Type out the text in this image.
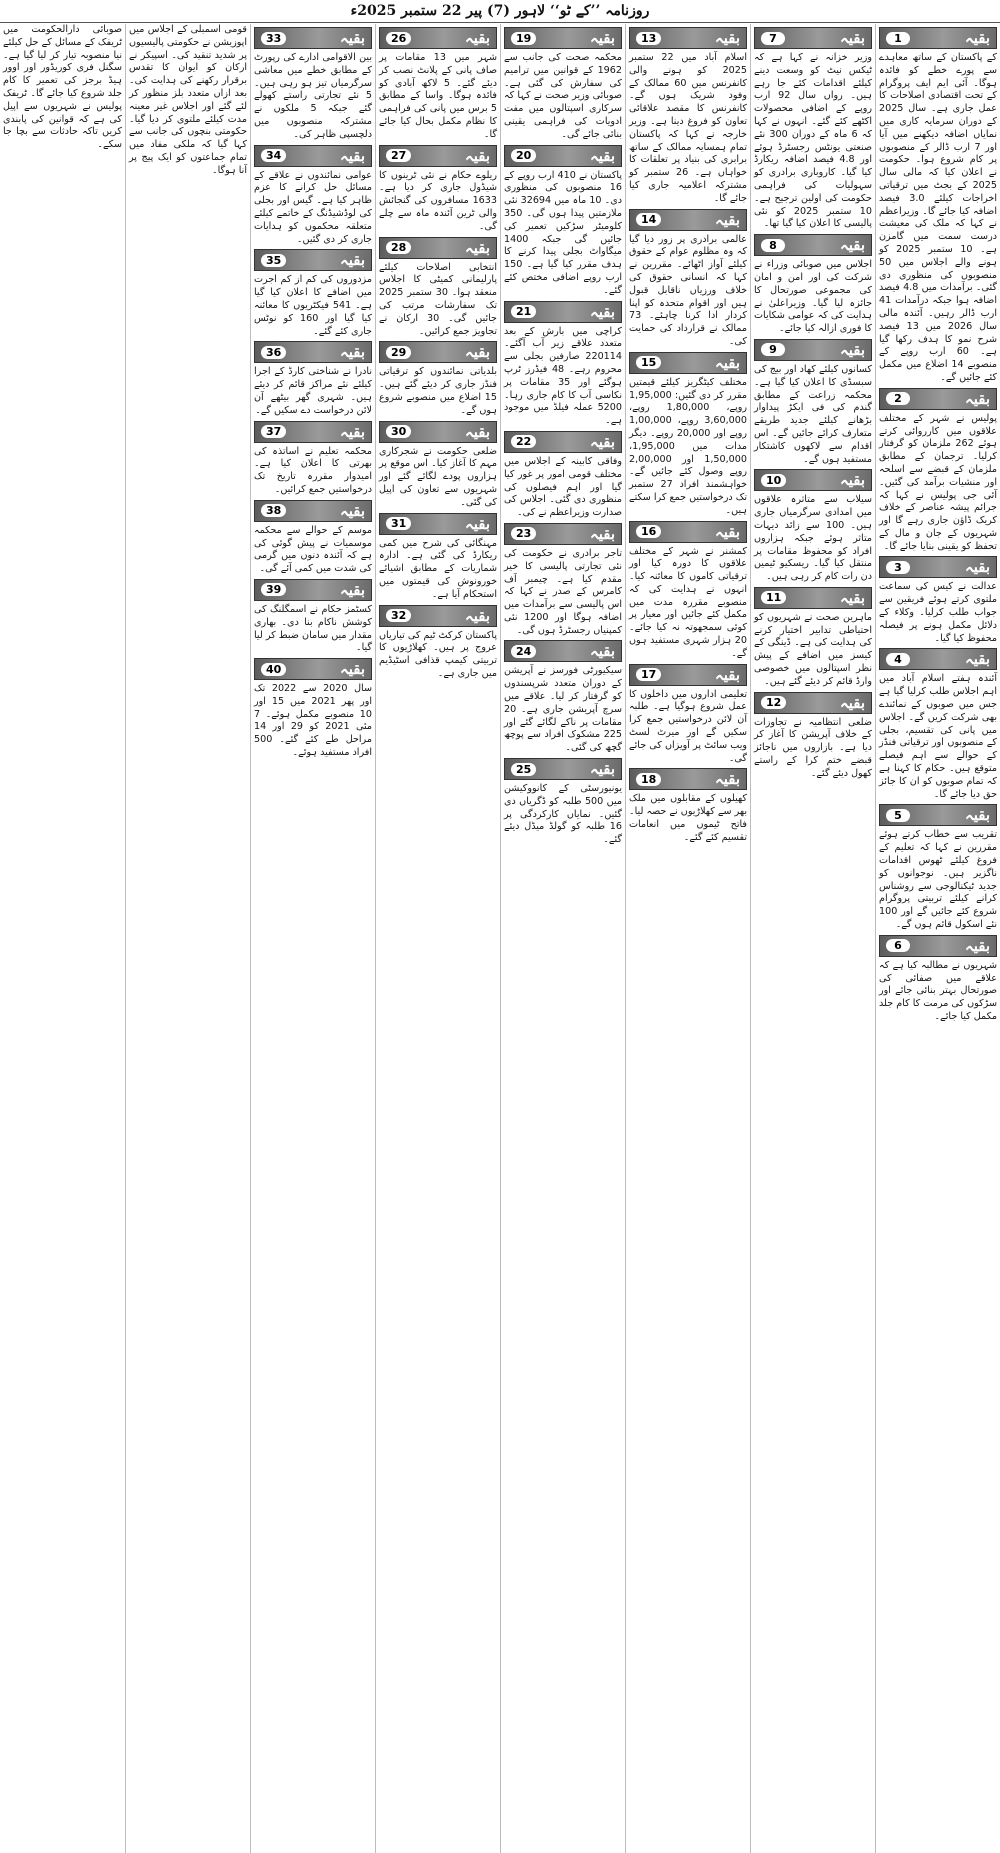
روزنامہ ’’کے ٹو‘‘ لاہور (7) پیر 22 ستمبر 2025ء
بقیہ
1

کے پاکستان کے ساتھ معاہدے سے پورے خطے کو فائدہ ہوگا۔ آئی ایم ایف پروگرام کے تحت اقتصادی اصلاحات کا عمل جاری ہے۔ سال 2025 کے دوران سرمایہ کاری میں نمایاں اضافہ دیکھنے میں آیا اور 7 ارب ڈالر کے منصوبوں پر کام شروع ہوا۔ حکومت نے اعلان کیا کہ مالی سال 2025 کے بجٹ میں ترقیاتی اخراجات کیلئے 3.0 فیصد اضافہ کیا جائے گا۔ وزیراعظم نے کہا کہ ملک کی معیشت درست سمت میں گامزن ہے۔ 10 ستمبر 2025 کو ہونے والے اجلاس میں 50 منصوبوں کی منظوری دی گئی۔ برآمدات میں 4.8 فیصد اضافہ ہوا جبکہ درآمدات 41 ارب ڈالر رہیں۔ آئندہ مالی سال 2026 میں 13 فیصد شرح نمو کا ہدف رکھا گیا ہے۔ 60 ارب روپے کے منصوبے 14 اضلاع میں مکمل کئے جائیں گے۔

بقیہ
2

پولیس نے شہر کے مختلف علاقوں میں کارروائی کرتے ہوئے 262 ملزمان کو گرفتار کرلیا۔ ترجمان کے مطابق ملزمان کے قبضے سے اسلحہ اور منشیات برآمد کی گئیں۔ آئی جی پولیس نے کہا کہ جرائم پیشہ عناصر کے خلاف کریک ڈاؤن جاری رہے گا اور شہریوں کے جان و مال کے تحفظ کو یقینی بنایا جائے گا۔

بقیہ
3

عدالت نے کیس کی سماعت ملتوی کرتے ہوئے فریقین سے جواب طلب کرلیا۔ وکلاء کے دلائل مکمل ہونے پر فیصلہ محفوظ کیا گیا۔

بقیہ
4

آئندہ ہفتے اسلام آباد میں اہم اجلاس طلب کرلیا گیا ہے جس میں صوبوں کے نمائندے بھی شرکت کریں گے۔ اجلاس میں پانی کی تقسیم، بجلی کے منصوبوں اور ترقیاتی فنڈز کے حوالے سے اہم فیصلے متوقع ہیں۔ حکام کا کہنا ہے کہ تمام صوبوں کو ان کا جائز حق دیا جائے گا۔

بقیہ
5

تقریب سے خطاب کرتے ہوئے مقررین نے کہا کہ تعلیم کے فروغ کیلئے ٹھوس اقدامات ناگزیر ہیں۔ نوجوانوں کو جدید ٹیکنالوجی سے روشناس کرانے کیلئے تربیتی پروگرام شروع کئے جائیں گے اور 100 نئے اسکول قائم ہوں گے۔

بقیہ
6

شہریوں نے مطالبہ کیا ہے کہ علاقے میں صفائی کی صورتحال بہتر بنائی جائے اور سڑکوں کی مرمت کا کام جلد مکمل کیا جائے۔

بقیہ
7

وزیر خزانہ نے کہا ہے کہ ٹیکس نیٹ کو وسعت دینے کیلئے اقدامات کئے جا رہے ہیں۔ رواں سال 92 ارب روپے کے اضافی محصولات اکٹھے کئے گئے۔ انہوں نے کہا کہ 6 ماہ کے دوران 300 نئے صنعتی یونٹس رجسٹرڈ ہوئے اور 4.8 فیصد اضافہ ریکارڈ کیا گیا۔ کاروباری برادری کو سہولیات کی فراہمی حکومت کی اولین ترجیح ہے۔ 10 ستمبر 2025 کو نئی پالیسی کا اعلان کیا گیا تھا۔

بقیہ
8

اجلاس میں صوبائی وزراء نے شرکت کی اور امن و امان کی مجموعی صورتحال کا جائزہ لیا گیا۔ وزیراعلیٰ نے ہدایت کی کہ عوامی شکایات کا فوری ازالہ کیا جائے۔

بقیہ
9

کسانوں کیلئے کھاد اور بیج کی سبسڈی کا اعلان کیا گیا ہے۔ محکمہ زراعت کے مطابق گندم کی فی ایکڑ پیداوار بڑھانے کیلئے جدید طریقے متعارف کرائے جائیں گے۔ اس اقدام سے لاکھوں کاشتکار مستفید ہوں گے۔

بقیہ
10

سیلاب سے متاثرہ علاقوں میں امدادی سرگرمیاں جاری ہیں۔ 100 سے زائد دیہات متاثر ہوئے جبکہ ہزاروں افراد کو محفوظ مقامات پر منتقل کیا گیا۔ ریسکیو ٹیمیں دن رات کام کر رہی ہیں۔

بقیہ
11

ماہرین صحت نے شہریوں کو احتیاطی تدابیر اختیار کرنے کی ہدایت کی ہے۔ ڈینگی کے کیسز میں اضافے کے پیش نظر اسپتالوں میں خصوصی وارڈ قائم کر دیئے گئے ہیں۔

بقیہ
12

ضلعی انتظامیہ نے تجاوزات کے خلاف آپریشن کا آغاز کر دیا ہے۔ بازاروں میں ناجائز قبضے ختم کرا کے راستے کھول دیئے گئے۔

بقیہ
13

اسلام آباد میں 22 ستمبر 2025 کو ہونے والی کانفرنس میں 60 ممالک کے وفود شریک ہوں گے۔ کانفرنس کا مقصد علاقائی تعاون کو فروغ دینا ہے۔ وزیر خارجہ نے کہا کہ پاکستان تمام ہمسایہ ممالک کے ساتھ برابری کی بنیاد پر تعلقات کا خواہاں ہے۔ 26 ستمبر کو مشترکہ اعلامیہ جاری کیا جائے گا۔

بقیہ
14

عالمی برادری پر زور دیا گیا کہ وہ مظلوم عوام کے حقوق کیلئے آواز اٹھائے۔ مقررین نے کہا کہ انسانی حقوق کی خلاف ورزیاں ناقابل قبول ہیں اور اقوام متحدہ کو اپنا کردار ادا کرنا چاہئے۔ 73 ممالک نے قرارداد کی حمایت کی۔

بقیہ
15

مختلف کیٹگریز کیلئے قیمتیں مقرر کر دی گئیں: 1,95,000 روپے، 1,80,000 روپے، 3,60,000 روپے، 1,00,000 روپے اور 20,000 روپے۔ دیگر مدات میں 1,95,000، 1,50,000 اور 2,00,000 روپے وصول کئے جائیں گے۔ خواہشمند افراد 27 ستمبر تک درخواستیں جمع کرا سکتے ہیں۔

بقیہ
16

کمشنر نے شہر کے مختلف علاقوں کا دورہ کیا اور ترقیاتی کاموں کا معائنہ کیا۔ انہوں نے ہدایت کی کہ منصوبے مقررہ مدت میں مکمل کئے جائیں اور معیار پر کوئی سمجھوتہ نہ کیا جائے۔ 20 ہزار شہری مستفید ہوں گے۔

بقیہ
17

تعلیمی اداروں میں داخلوں کا عمل شروع ہوگیا ہے۔ طلبہ آن لائن درخواستیں جمع کرا سکیں گے اور میرٹ لسٹ ویب سائٹ پر آویزاں کی جائے گی۔

بقیہ
18

کھیلوں کے مقابلوں میں ملک بھر سے کھلاڑیوں نے حصہ لیا۔ فاتح ٹیموں میں انعامات تقسیم کئے گئے۔

بقیہ
19

محکمہ صحت کی جانب سے 1962 کے قوانین میں ترامیم کی سفارش کی گئی ہے۔ صوبائی وزیر صحت نے کہا کہ سرکاری اسپتالوں میں مفت ادویات کی فراہمی یقینی بنائی جائے گی۔

بقیہ
20

پاکستان نے 410 ارب روپے کے 16 منصوبوں کی منظوری دی۔ 10 ماہ میں 32694 نئی ملازمتیں پیدا ہوں گی۔ 350 کلومیٹر سڑکیں تعمیر کی جائیں گی جبکہ 1400 میگاواٹ بجلی پیدا کرنے کا ہدف مقرر کیا گیا ہے۔ 150 ارب روپے اضافی مختص کئے گئے۔

بقیہ
21

کراچی میں بارش کے بعد متعدد علاقے زیر آب آگئے۔ 220114 صارفین بجلی سے محروم رہے۔ 48 فیڈرز ٹرپ ہوگئے اور 35 مقامات پر نکاسی آب کا کام جاری رہا۔ 5200 عملہ فیلڈ میں موجود ہے۔

بقیہ
22

وفاقی کابینہ کے اجلاس میں مختلف قومی امور پر غور کیا گیا اور اہم فیصلوں کی منظوری دی گئی۔ اجلاس کی صدارت وزیراعظم نے کی۔

بقیہ
23

تاجر برادری نے حکومت کی نئی تجارتی پالیسی کا خیر مقدم کیا ہے۔ چیمبر آف کامرس کے صدر نے کہا کہ اس پالیسی سے برآمدات میں اضافہ ہوگا اور 1200 نئی کمپنیاں رجسٹرڈ ہوں گی۔

بقیہ
24

سیکیورٹی فورسز نے آپریشن کے دوران متعدد شرپسندوں کو گرفتار کر لیا۔ علاقے میں سرچ آپریشن جاری ہے۔ 20 مقامات پر ناکے لگائے گئے اور 225 مشکوک افراد سے پوچھ گچھ کی گئی۔

بقیہ
25

یونیورسٹی کے کانووکیشن میں 500 طلبہ کو ڈگریاں دی گئیں۔ نمایاں کارکردگی پر 16 طلبہ کو گولڈ میڈل دیئے گئے۔

بقیہ
26

شہر میں 13 مقامات پر صاف پانی کے پلانٹ نصب کر دیئے گئے۔ 5 لاکھ آبادی کو فائدہ ہوگا۔ واسا کے مطابق 5 برس میں پانی کی فراہمی کا نظام مکمل بحال کیا جائے گا۔

بقیہ
27

ریلوے حکام نے نئی ٹرینوں کا شیڈول جاری کر دیا ہے۔ 1633 مسافروں کی گنجائش والی ٹرین آئندہ ماہ سے چلے گی۔

بقیہ
28

انتخابی اصلاحات کیلئے پارلیمانی کمیٹی کا اجلاس منعقد ہوا۔ 30 ستمبر 2025 تک سفارشات مرتب کی جائیں گی۔ 30 ارکان نے تجاویز جمع کرائیں۔

بقیہ
29

بلدیاتی نمائندوں کو ترقیاتی فنڈز جاری کر دیئے گئے ہیں۔ 15 اضلاع میں منصوبے شروع ہوں گے۔

بقیہ
30

ضلعی حکومت نے شجرکاری مہم کا آغاز کیا۔ اس موقع پر ہزاروں پودے لگائے گئے اور شہریوں سے تعاون کی اپیل کی گئی۔

بقیہ
31

مہنگائی کی شرح میں کمی ریکارڈ کی گئی ہے۔ ادارہ شماریات کے مطابق اشیائے خورونوش کی قیمتوں میں استحکام آیا ہے۔

بقیہ
32

پاکستان کرکٹ ٹیم کی تیاریاں عروج پر ہیں۔ کھلاڑیوں کا تربیتی کیمپ قذافی اسٹیڈیم میں جاری ہے۔

بقیہ
33

بین الاقوامی ادارے کی رپورٹ کے مطابق خطے میں معاشی سرگرمیاں تیز ہو رہی ہیں۔ 5 نئے تجارتی راستے کھولے گئے جبکہ 5 ملکوں نے مشترکہ منصوبوں میں دلچسپی ظاہر کی۔

بقیہ
34

عوامی نمائندوں نے علاقے کے مسائل حل کرانے کا عزم ظاہر کیا ہے۔ گیس اور بجلی کی لوڈشیڈنگ کے خاتمے کیلئے متعلقہ محکموں کو ہدایات جاری کر دی گئیں۔

بقیہ
35

مزدوروں کی کم از کم اجرت میں اضافے کا اعلان کیا گیا ہے۔ 541 فیکٹریوں کا معائنہ کیا گیا اور 160 کو نوٹس جاری کئے گئے۔

بقیہ
36

نادرا نے شناختی کارڈ کے اجرا کیلئے نئے مراکز قائم کر دیئے ہیں۔ شہری گھر بیٹھے آن لائن درخواست دے سکیں گے۔

بقیہ
37

محکمہ تعلیم نے اساتذہ کی بھرتی کا اعلان کیا ہے۔ امیدوار مقررہ تاریخ تک درخواستیں جمع کرائیں۔

بقیہ
38

موسم کے حوالے سے محکمہ موسمیات نے پیش گوئی کی ہے کہ آئندہ دنوں میں گرمی کی شدت میں کمی آئے گی۔

بقیہ
39

کسٹمز حکام نے اسمگلنگ کی کوشش ناکام بنا دی۔ بھاری مقدار میں سامان ضبط کر لیا گیا۔

بقیہ
40

سال 2020 سے 2022 تک اور پھر 2021 میں 15 اور 10 منصوبے مکمل ہوئے۔ 7 مئی 2021 کو 29 اور 14 مراحل طے کئے گئے۔ 500 افراد مستفید ہوئے۔

قومی اسمبلی کے اجلاس میں اپوزیشن نے حکومتی پالیسیوں پر شدید تنقید کی۔ اسپیکر نے ارکان کو ایوان کا تقدس برقرار رکھنے کی ہدایت کی۔ بعد ازاں متعدد بلز منظور کر لئے گئے اور اجلاس غیر معینہ مدت کیلئے ملتوی کر دیا گیا۔ حکومتی بنچوں کی جانب سے کہا گیا کہ ملکی مفاد میں تمام جماعتوں کو ایک پیج پر آنا ہوگا۔

صوبائی دارالحکومت میں ٹریفک کے مسائل کے حل کیلئے نیا منصوبہ تیار کر لیا گیا ہے۔ سگنل فری کوریڈور اور اوور ہیڈ برجز کی تعمیر کا کام جلد شروع کیا جائے گا۔ ٹریفک پولیس نے شہریوں سے اپیل کی ہے کہ قوانین کی پابندی کریں تاکہ حادثات سے بچا جا سکے۔
